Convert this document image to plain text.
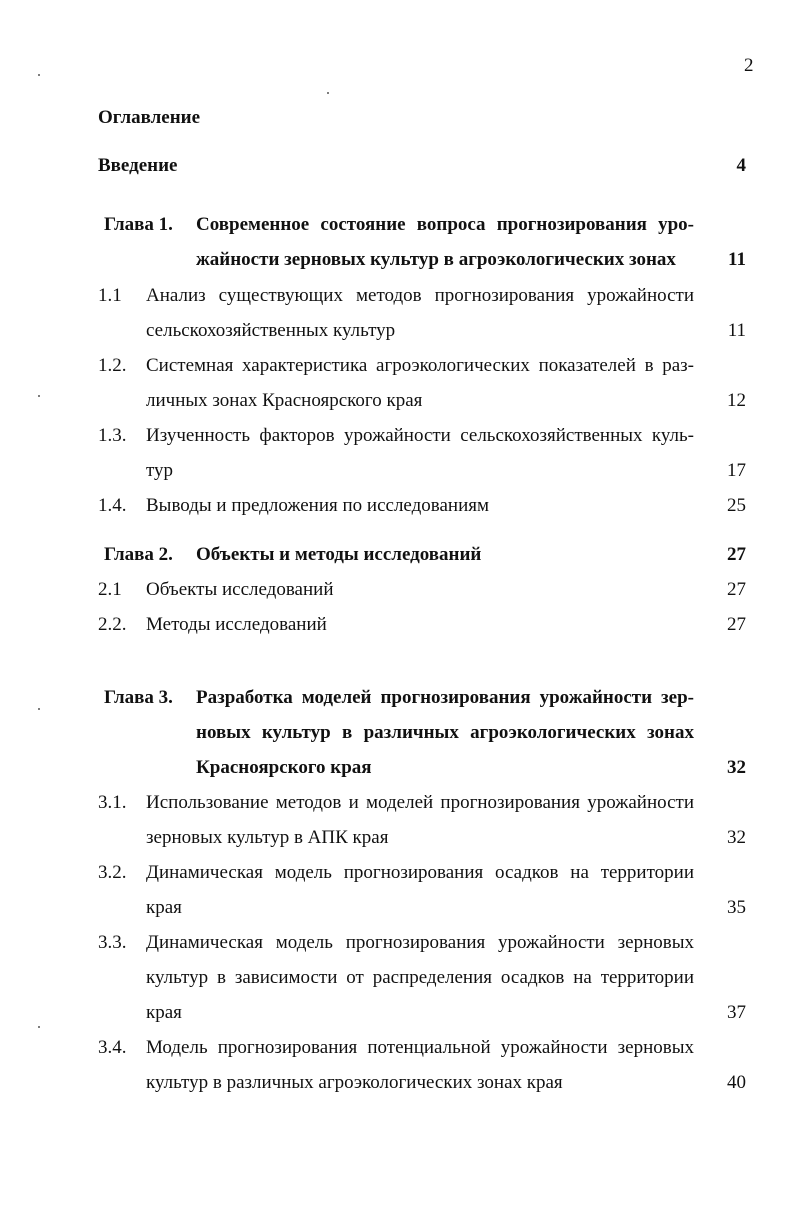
2
Оглавление
Введение	4
Глава 1. Современное состояние вопроса прогнозирования уро-
жайности зерновых культур в агроэкологических зонах	11
1.1 Анализ существующих методов прогнозирования урожайности
сельскохозяйственных культур	11
1.2. Системная характеристика агроэкологических показателей в раз-
личных зонах Красноярского края	12
1.3. Изученность факторов урожайности сельскохозяйственных куль-
тур	17
1.4. Выводы и предложения по исследованиям	25
Глава 2. Объекты и методы исследований	27
2.1 Объекты исследований	27
2.2. Методы исследований	27
Глава 3. Разработка моделей прогнозирования урожайности зер-
новых культур в различных агроэкологических зонах
Красноярского края	32
3.1. Использование методов и моделей прогнозирования урожайности
зерновых культур в АПК края	32
3.2. Динамическая модель прогнозирования осадков на территории
края	35
3.3. Динамическая модель прогнозирования урожайности зерновых
культур в зависимости от распределения осадков на территории
края	37
3.4. Модель прогнозирования потенциальной урожайности зерновых
культур в различных агроэкологических зонах края	40
